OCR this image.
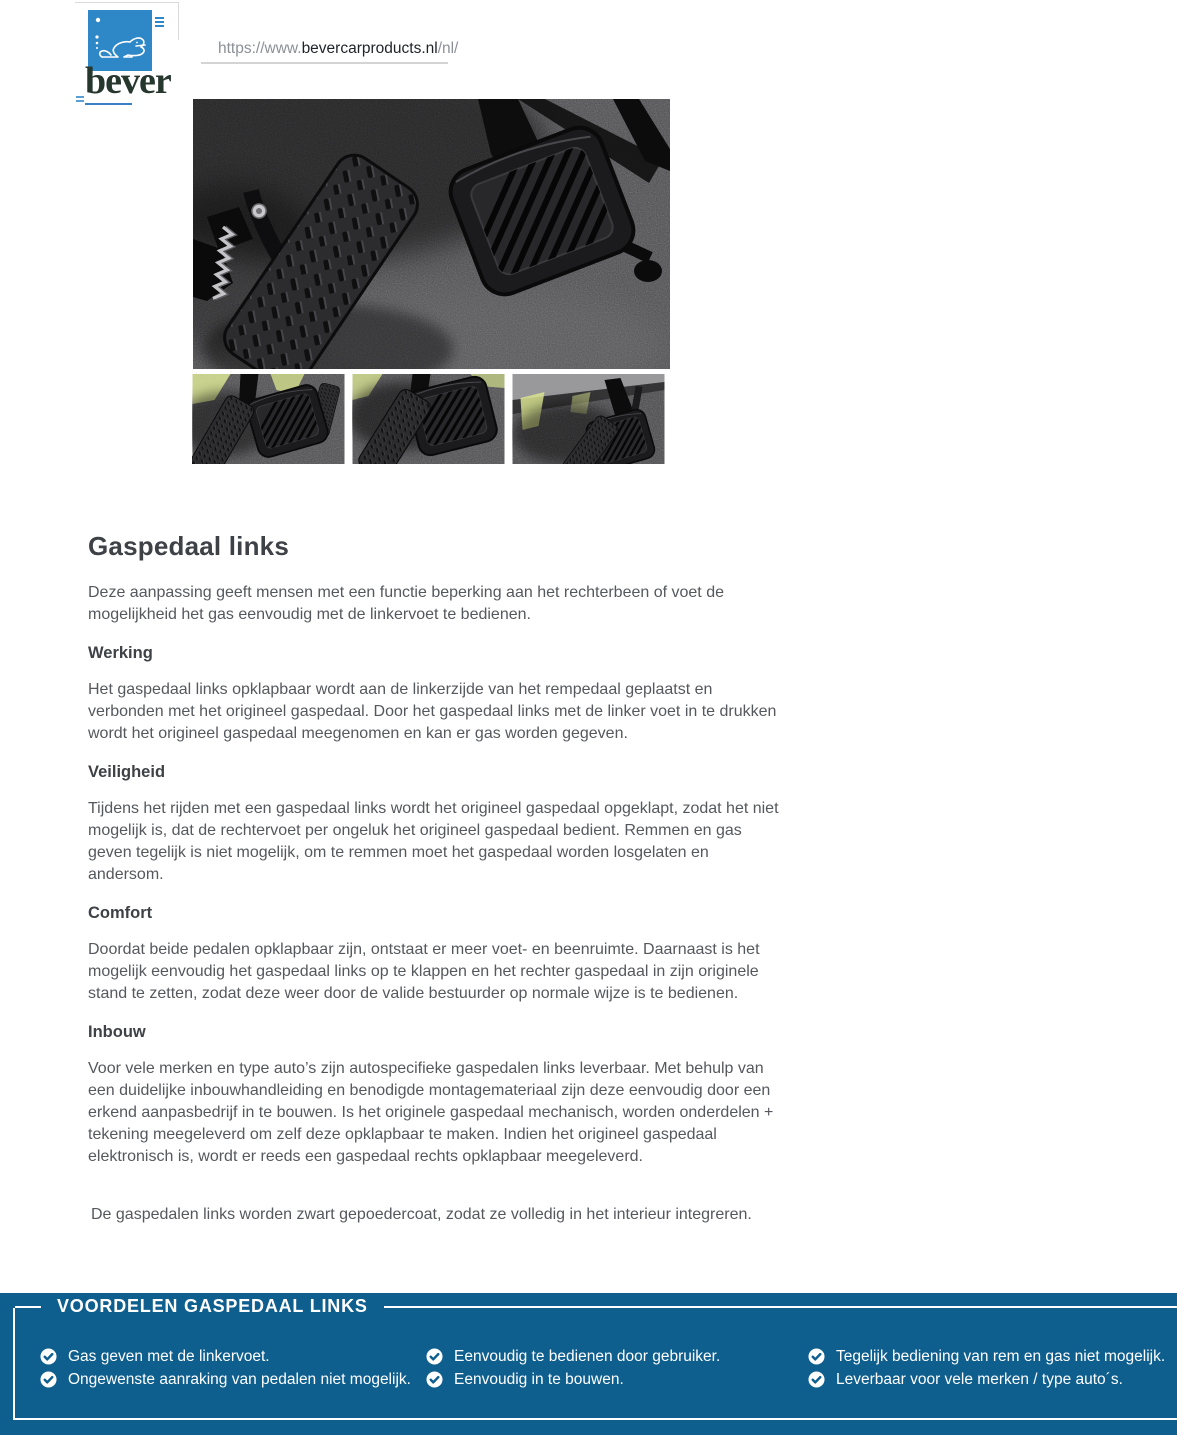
bever
https://www.bevercarproducts.nl/nl/
Gaspedaal links

Deze aanpassing geeft mensen met een functie beperking aan het rechterbeen of voet de mogelijkheid het gas eenvoudig met de linkervoet te bedienen.

Werking

Het gaspedaal links opklapbaar wordt aan de linkerzijde van het rempedaal geplaatst en verbonden met het origineel gaspedaal. Door het gaspedaal links met de linker voet in te drukken wordt het origineel gaspedaal meegenomen en kan er gas worden gegeven.

Veiligheid

Tijdens het rijden met een gaspedaal links wordt het origineel gaspedaal opgeklapt, zodat het niet mogelijk is, dat de rechtervoet per ongeluk het origineel gaspedaal bedient. Remmen en gas geven tegelijk is niet mogelijk, om te remmen moet het gaspedaal worden losgelaten en andersom.

Comfort

Doordat beide pedalen opklapbaar zijn, ontstaat er meer voet- en beenruimte. Daarnaast is het mogelijk eenvoudig het gaspedaal links op te klappen en het rechter gaspedaal in zijn originele stand te zetten, zodat deze weer door de valide bestuurder op normale wijze is te bedienen.

Inbouw

Voor vele merken en type auto’s zijn autospecifieke gaspedalen links leverbaar. Met behulp van een duidelijke inbouwhandleiding en benodigde montagemateriaal zijn deze eenvoudig door een erkend aanpasbedrijf in te bouwen. Is het originele gaspedaal mechanisch, worden onderdelen + tekening meegeleverd om zelf deze opklapbaar te maken. Indien het origineel gaspedaal elektronisch is, wordt er reeds een gaspedaal rechts opklapbaar meegeleverd.

De gaspedalen links worden zwart gepoedercoat, zodat ze volledig in het interieur integreren.

VOORDELEN GASPEDAAL LINKS
Gas geven met de linkervoet.
Ongewenste aanraking van pedalen niet mogelijk.
Eenvoudig te bedienen door gebruiker.
Eenvoudig in te bouwen.
Tegelijk bediening van rem en gas niet mogelijk.
Leverbaar voor vele merken / type auto´s.
